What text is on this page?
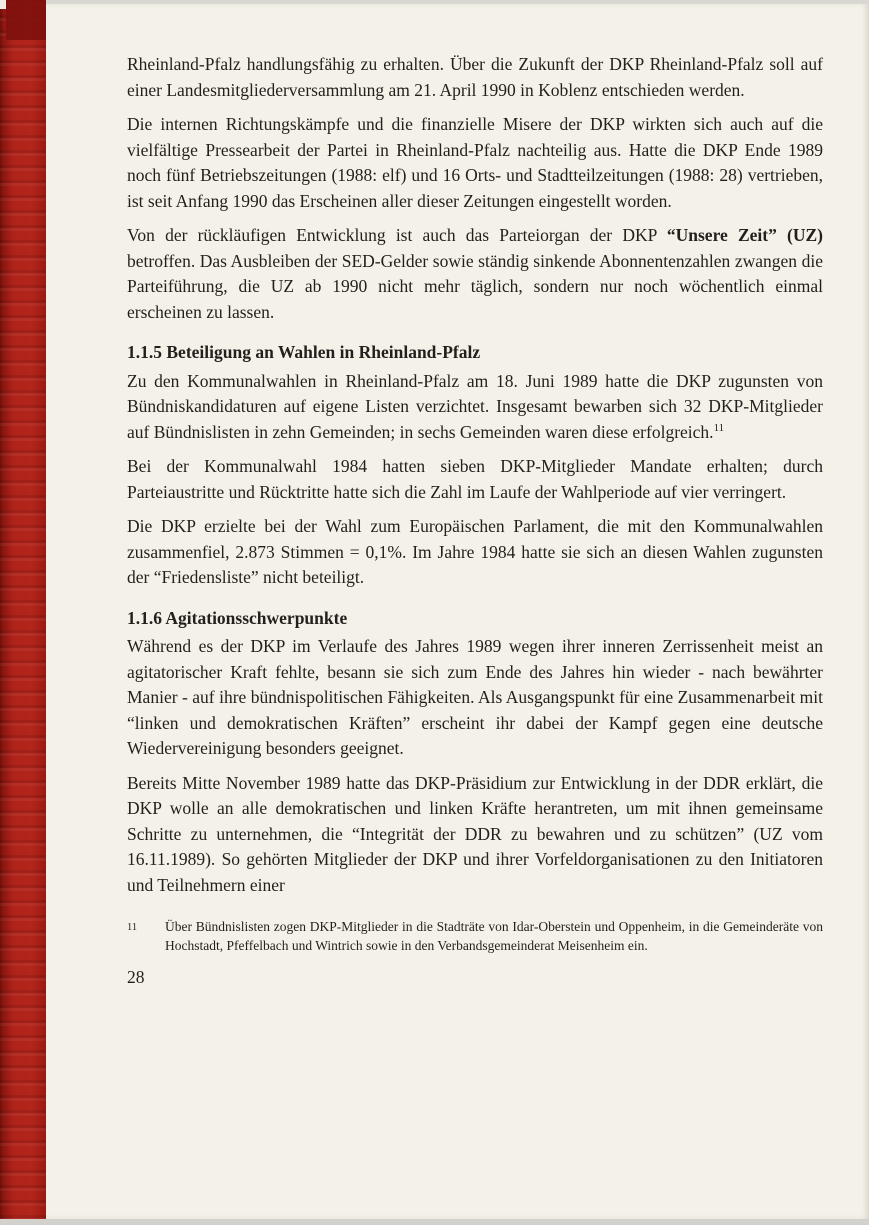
Rheinland-Pfalz handlungsfähig zu erhalten. Über die Zukunft der DKP Rheinland-Pfalz soll auf einer Landesmitgliederversammlung am 21. April 1990 in Koblenz entschieden werden.

Die internen Richtungskämpfe und die finanzielle Misere der DKP wirkten sich auch auf die vielfältige Pressearbeit der Partei in Rheinland-Pfalz nachteilig aus. Hatte die DKP Ende 1989 noch fünf Betriebszeitungen (1988: elf) und 16 Orts- und Stadtteilzeitungen (1988: 28) vertrieben, ist seit Anfang 1990 das Erscheinen aller dieser Zeitungen eingestellt worden.

Von der rückläufigen Entwicklung ist auch das Parteiorgan der DKP “Unsere Zeit” (UZ) betroffen. Das Ausbleiben der SED-Gelder sowie ständig sinkende Abonnentenzahlen zwangen die Parteiführung, die UZ ab 1990 nicht mehr täglich, sondern nur noch wöchentlich einmal erscheinen zu lassen.

1.1.5 Beteiligung an Wahlen in Rheinland-Pfalz

Zu den Kommunalwahlen in Rheinland-Pfalz am 18. Juni 1989 hatte die DKP zugunsten von Bündniskandidaturen auf eigene Listen verzichtet. Insgesamt bewarben sich 32 DKP-Mitglieder auf Bündnislisten in zehn Gemeinden; in sechs Gemeinden waren diese erfolgreich.$^{11}$

Bei der Kommunalwahl 1984 hatten sieben DKP-Mitglieder Mandate erhalten; durch Parteiaustritte und Rücktritte hatte sich die Zahl im Laufe der Wahlperiode auf vier verringert.

Die DKP erzielte bei der Wahl zum Europäischen Parlament, die mit den Kommunalwahlen zusammenfiel, 2.873 Stimmen = 0,1%. Im Jahre 1984 hatte sie sich an diesen Wahlen zugunsten der “Friedensliste” nicht beteiligt.

1.1.6 Agitationsschwerpunkte

Während es der DKP im Verlaufe des Jahres 1989 wegen ihrer inneren Zerrissenheit meist an agitatorischer Kraft fehlte, besann sie sich zum Ende des Jahres hin wieder - nach bewährter Manier - auf ihre bündnispolitischen Fähigkeiten. Als Ausgangspunkt für eine Zusammenarbeit mit “linken und demokratischen Kräften” erscheint ihr dabei der Kampf gegen eine deutsche Wiedervereinigung besonders geeignet.

Bereits Mitte November 1989 hatte das DKP-Präsidium zur Entwicklung in der DDR erklärt, die DKP wolle an alle demokratischen und linken Kräfte herantreten, um mit ihnen gemeinsame Schritte zu unternehmen, die “Integrität der DDR zu bewahren und zu schützen” (UZ vom 16.11.1989). So gehörten Mitglieder der DKP und ihrer Vorfeldorganisationen zu den Initiatoren und Teilnehmern einer

11	Über Bündnislisten zogen DKP-Mitglieder in die Stadträte von Idar-Oberstein und Oppenheim, in die Gemeinderäte von Hochstadt, Pfeffelbach und Wintrich sowie in den Verbandsgemeinderat Meisenheim ein.
28
